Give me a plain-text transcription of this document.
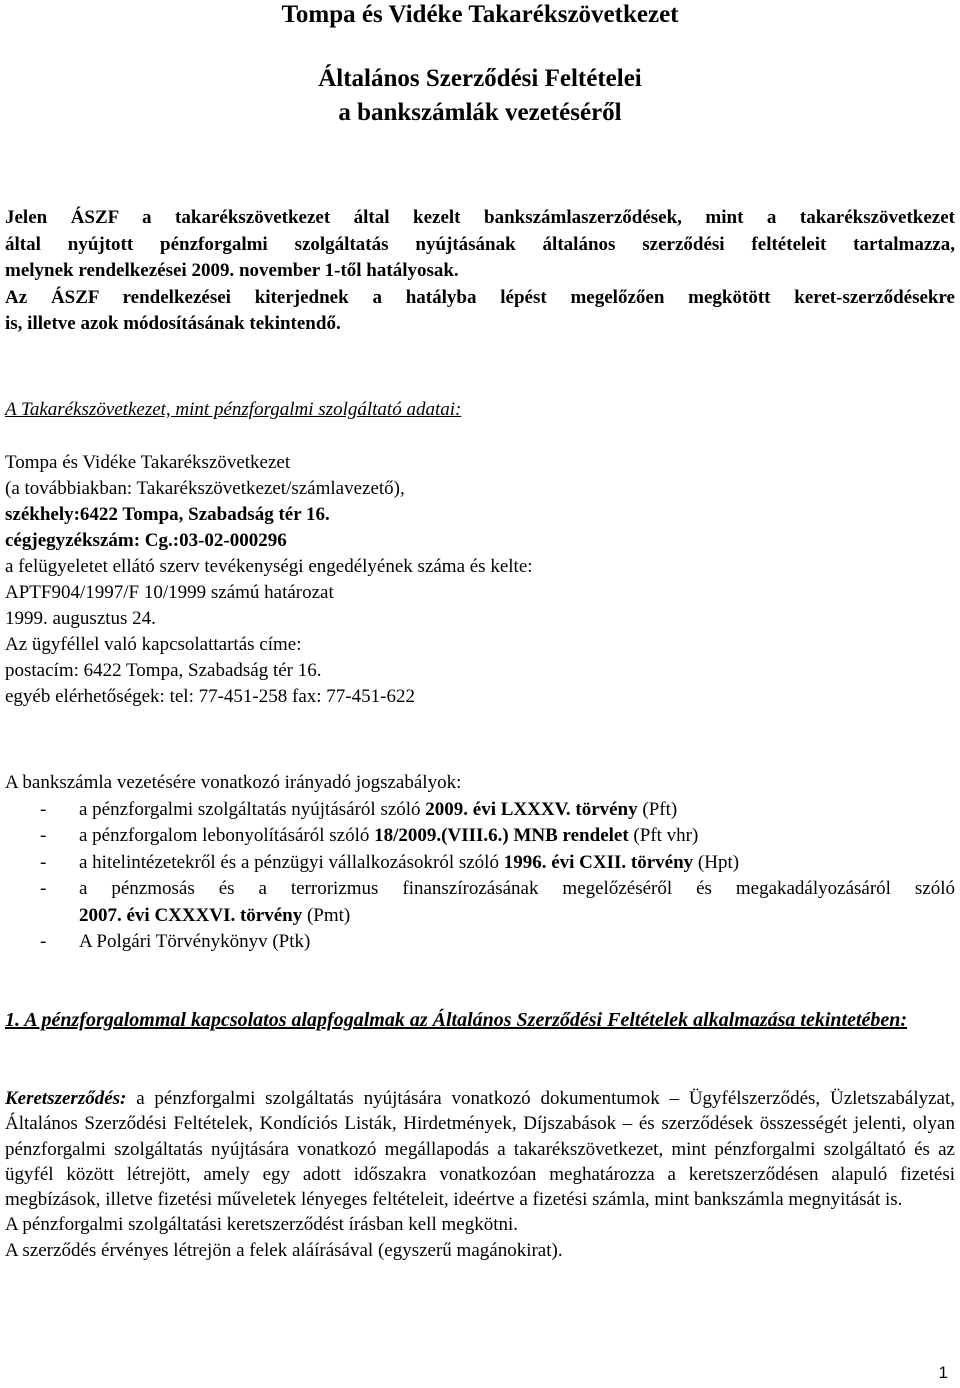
Tompa és Vidéke Takarékszövetkezet
Általános Szerződési Feltételei
a bankszámlák vezetéséről
Jelen ÁSZF a takarékszövetkezet által kezelt bankszámlaszerződések, mint a takarékszövetkezet
által nyújtott pénzforgalmi szolgáltatás nyújtásának általános szerződési feltételeit tartalmazza,
melynek rendelkezései 2009. november 1-től hatályosak.
Az ÁSZF rendelkezései kiterjednek a hatályba lépést megelőzően megkötött keret-szerződésekre
is, illetve azok módosításának tekintendő.
A Takarékszövetkezet, mint pénzforgalmi szolgáltató adatai:
Tompa és Vidéke Takarékszövetkezet
(a továbbiakban: Takarékszövetkezet/számlavezető),
székhely:6422 Tompa, Szabadság tér 16.
cégjegyzékszám: Cg.:03-02-000296
a felügyeletet ellátó szerv tevékenységi engedélyének száma és kelte:
APTF904/1997/F 10/1999 számú határozat
1999. augusztus 24.
Az ügyféllel való kapcsolattartás címe:
postacím: 6422 Tompa, Szabadság tér 16.
egyéb elérhetőségek: tel: 77-451-258 fax: 77-451-622
A bankszámla vezetésére vonatkozó irányadó jogszabályok:
- a pénzforgalmi szolgáltatás nyújtásáról szóló 2009. évi LXXXV. törvény (Pft)
- a pénzforgalom lebonyolításáról szóló 18/2009.(VIII.6.) MNB rendelet (Pft vhr)
- a hitelintézetekről és a pénzügyi vállalkozásokról szóló 1996. évi CXII. törvény (Hpt)
- a pénzmosás és a terrorizmus finanszírozásának megelőzéséről és megakadályozásáról szóló
2007. évi CXXXVI. törvény (Pmt)
- A Polgári Törvénykönyv (Ptk)
1. A pénzforgalommal kapcsolatos alapfogalmak az Általános Szerződési Feltételek alkalmazása tekintetében:
Keretszerződés: a pénzforgalmi szolgáltatás nyújtására vonatkozó dokumentumok – Ügyfélszerződés, Üzletszabályzat, Általános Szerződési Feltételek, Kondíciós Listák, Hirdetmények, Díjszabások – és szerződések összességét jelenti, olyan pénzforgalmi szolgáltatás nyújtására vonatkozó megállapodás a takarékszövetkezet, mint pénzforgalmi szolgáltató és az ügyfél között létrejött, amely egy adott időszakra vonatkozóan meghatározza a keretszerződésen alapuló fizetési megbízások, illetve fizetési műveletek lényeges feltételeit, ideértve a fizetési számla, mint bankszámla megnyitását is.
A pénzforgalmi szolgáltatási keretszerződést írásban kell megkötni.
A szerződés érvényes létrejön a felek aláírásával (egyszerű magánokirat).
1
